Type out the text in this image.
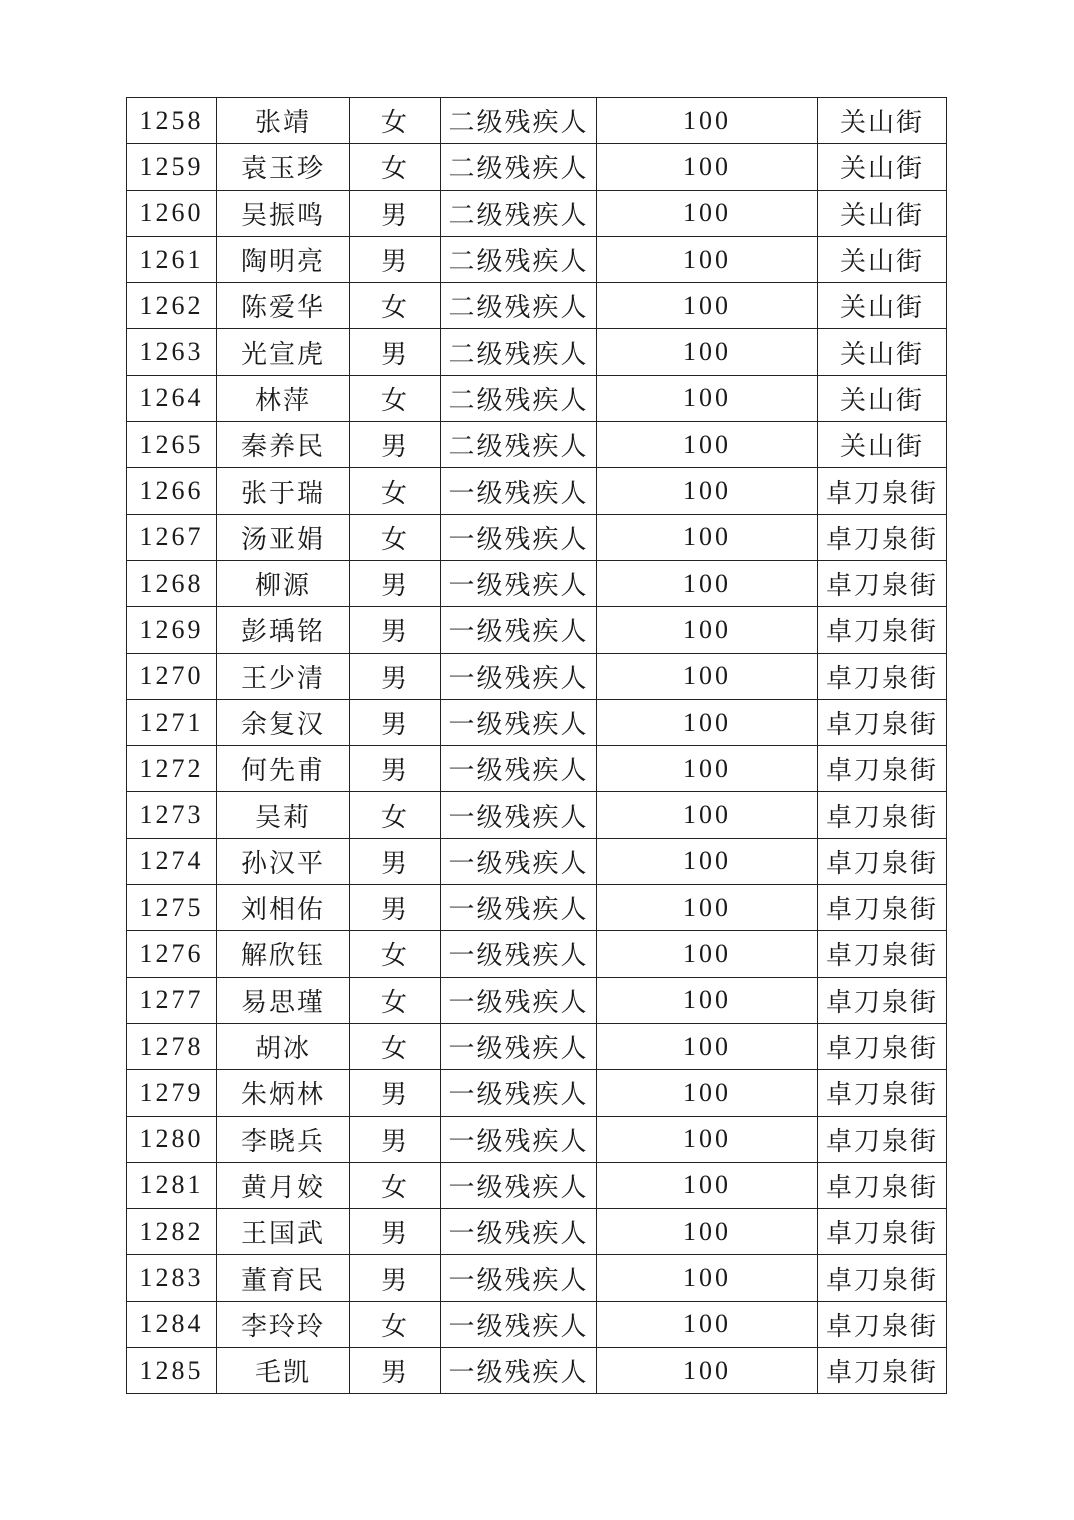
1258	张靖	女	二级残疾人	100	关山街
1259	袁玉珍	女	二级残疾人	100	关山街
1260	吴振鸣	男	二级残疾人	100	关山街
1261	陶明亮	男	二级残疾人	100	关山街
1262	陈爱华	女	二级残疾人	100	关山街
1263	光宣虎	男	二级残疾人	100	关山街
1264	林萍	女	二级残疾人	100	关山街
1265	秦养民	男	二级残疾人	100	关山街
1266	张于瑞	女	一级残疾人	100	卓刀泉街
1267	汤亚娟	女	一级残疾人	100	卓刀泉街
1268	柳源	男	一级残疾人	100	卓刀泉街
1269	彭瑀铭	男	一级残疾人	100	卓刀泉街
1270	王少清	男	一级残疾人	100	卓刀泉街
1271	余复汉	男	一级残疾人	100	卓刀泉街
1272	何先甫	男	一级残疾人	100	卓刀泉街
1273	吴莉	女	一级残疾人	100	卓刀泉街
1274	孙汉平	男	一级残疾人	100	卓刀泉街
1275	刘相佑	男	一级残疾人	100	卓刀泉街
1276	解欣钰	女	一级残疾人	100	卓刀泉街
1277	易思瑾	女	一级残疾人	100	卓刀泉街
1278	胡冰	女	一级残疾人	100	卓刀泉街
1279	朱炳林	男	一级残疾人	100	卓刀泉街
1280	李晓兵	男	一级残疾人	100	卓刀泉街
1281	黄月姣	女	一级残疾人	100	卓刀泉街
1282	王国武	男	一级残疾人	100	卓刀泉街
1283	董育民	男	一级残疾人	100	卓刀泉街
1284	李玲玲	女	一级残疾人	100	卓刀泉街
1285	毛凯	男	一级残疾人	100	卓刀泉街
